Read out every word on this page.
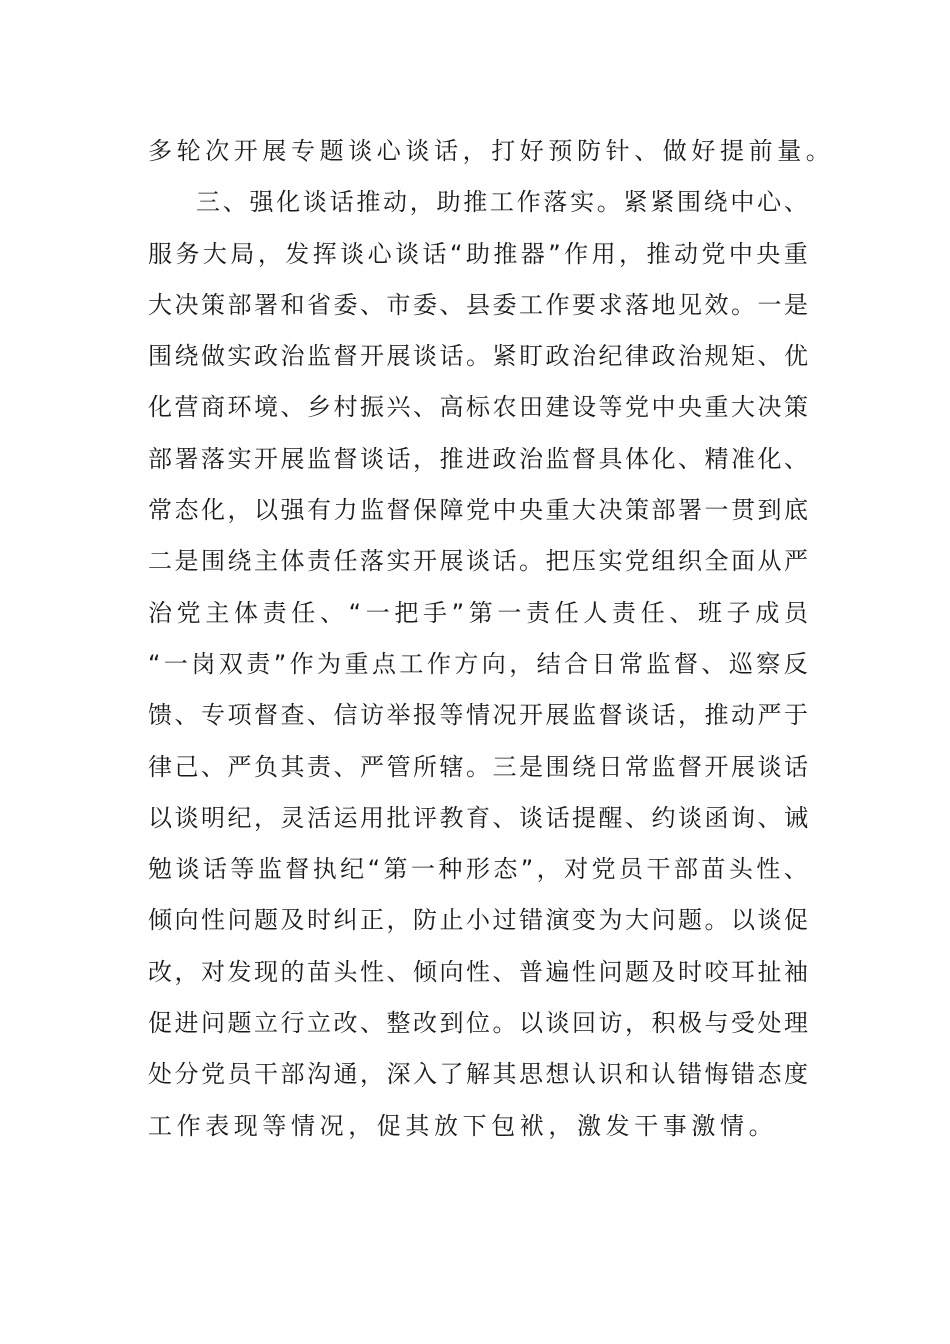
多轮次开展专题谈心谈话，打好预防针、做好提前量。
三 、 强 化 谈 话 推 动 ， 助 推 工 作 落 实 。 紧 紧 围 绕 中 心 、
服 务 大 局 ， 发 挥 谈 心 谈 话 “ 助 推 器 ” 作 用 ， 推 动 党 中 央 重
大 决 策 部 署 和 省 委 、 市 委 、 县 委 工 作 要 求 落 地 见 效 。 一 是
围 绕 做 实 政 治 监 督 开 展 谈 话 。 紧 盯 政 治 纪 律 政 治 规 矩 、 优
化 营 商 环 境 、 乡 村 振 兴 、 高 标 农 田 建 设 等 党 中 央 重 大 决 策
部 署 落 实 开 展 监 督 谈 话 ， 推 进 政 治 监 督 具 体 化 、 精 准 化 、
常 态 化 ， 以 强 有 力 监 督 保 障 党 中 央 重 大 决 策 部 署 一 贯 到 底
二 是 围 绕 主 体 责 任 落 实 开 展 谈 话 。 把 压 实 党 组 织 全 面 从 严
治 党 主 体 责 任 、 “ 一 把 手 ” 第 一 责 任 人 责 任 、 班 子 成 员
“ 一 岗 双 责 ” 作 为 重 点 工 作 方 向 ， 结 合 日 常 监 督 、 巡 察 反
馈 、 专 项 督 查 、 信 访 举 报 等 情 况 开 展 监 督 谈 话 ， 推 动 严 于
律 己 、 严 负 其 责 、 严 管 所 辖 。 三 是 围 绕 日 常 监 督 开 展 谈 话
以 谈 明 纪 ， 灵 活 运 用 批 评 教 育 、 谈 话 提 醒 、 约 谈 函 询 、 诫
勉 谈 话 等 监 督 执 纪 “ 第 一 种 形 态 ” ， 对 党 员 干 部 苗 头 性 、
倾 向 性 问 题 及 时 纠 正 ， 防 止 小 过 错 演 变 为 大 问 题 。 以 谈 促
改 ， 对 发 现 的 苗 头 性 、 倾 向 性 、 普 遍 性 问 题 及 时 咬 耳 扯 袖
促 进 问 题 立 行 立 改 、 整 改 到 位 。 以 谈 回 访 ， 积 极 与 受 处 理
处 分 党 员 干 部 沟 通 ， 深 入 了 解 其 思 想 认 识 和 认 错 悔 错 态 度
工作表现等情况，促其放下包袱，激发干事激情。
